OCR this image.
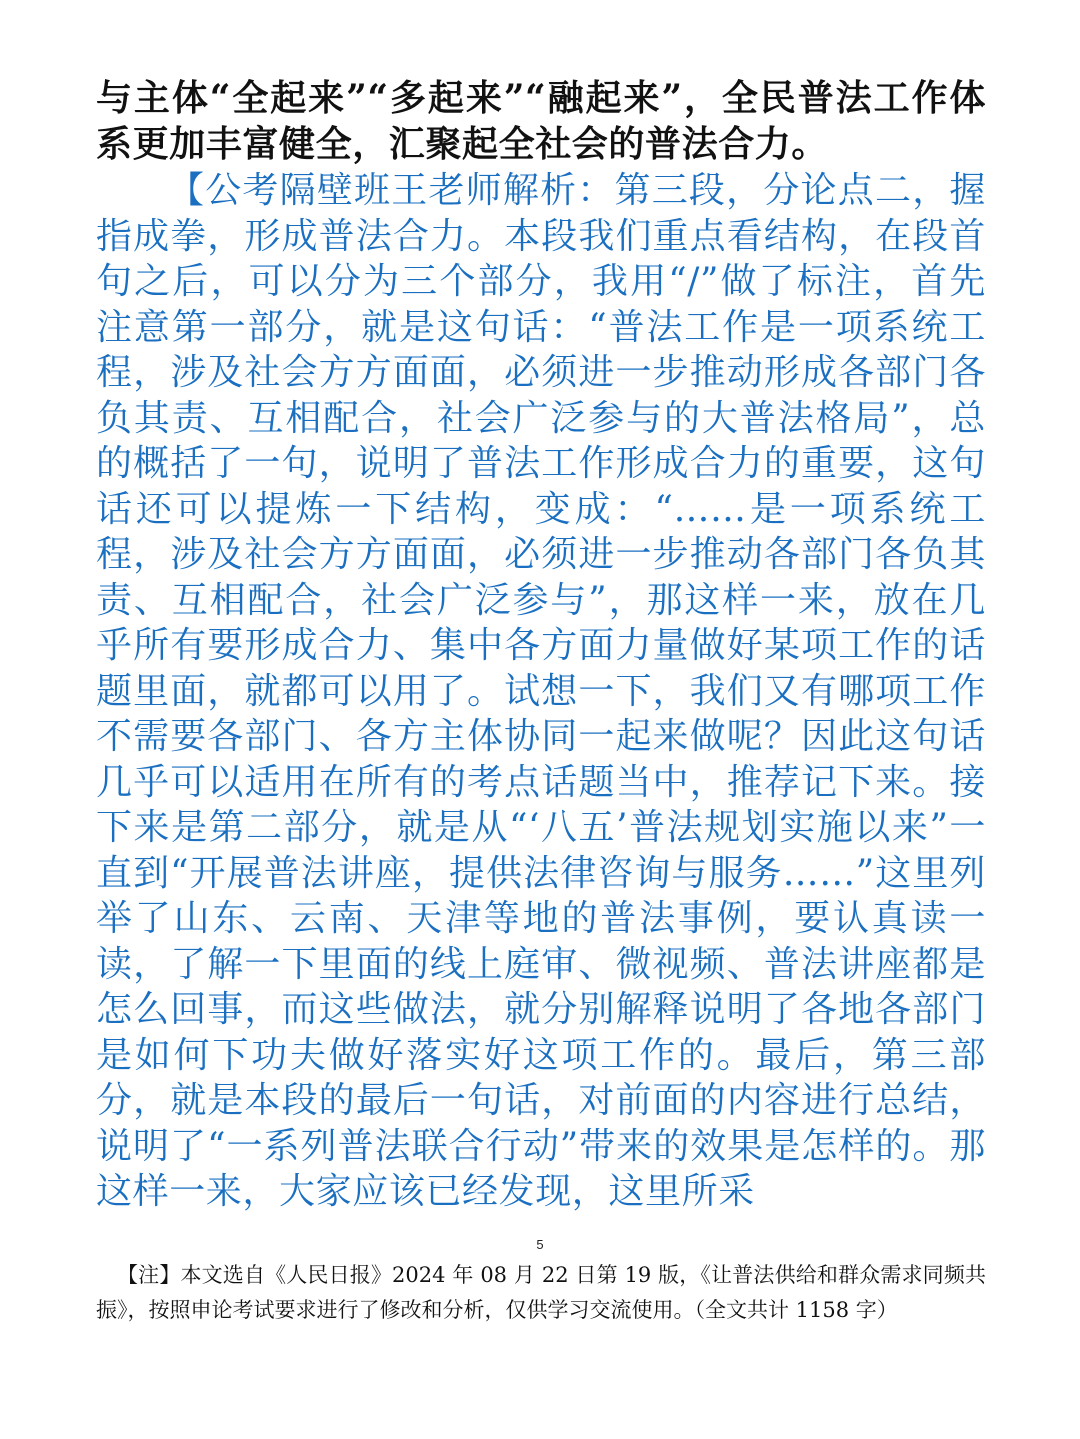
与主体“全起来”“多起来”“融起来”，全民普法工作体系更加丰富健全，汇聚起全社会的普法合力。

【公考隔壁班王老师解析：第三段，分论点二，握指成拳，形成普法合力。本段我们重点看结构，在段首句之后，可以分为三个部分，我用“/”做了标注，首先注意第一部分，就是这句话：“普法工作是一项系统工程，涉及社会方方面面，必须进一步推动形成各部门各负其责、互相配合，社会广泛参与的大普法格局”，总的概括了一句，说明了普法工作形成合力的重要，这句话还可以提炼一下结构，变成：“……是一项系统工程，涉及社会方方面面，必须进一步推动各部门各负其责、互相配合，社会广泛参与”，那这样一来，放在几乎所有要形成合力、集中各方面力量做好某项工作的话题里面，就都可以用了。试想一下，我们又有哪项工作不需要各部门、各方主体协同一起来做呢？因此这句话几乎可以适用在所有的考点话题当中，推荐记下来。接下来是第二部分，就是从“‘八五’普法规划实施以来”一直到“开展普法讲座，提供法律咨询与服务……”这里列举了山东、云南、天津等地的普法事例，要认真读一读，了解一下里面的线上庭审、微视频、普法讲座都是怎么回事，而这些做法，就分别解释说明了各地各部门是如何下功夫做好落实好这项工作的。最后，第三部分，就是本段的最后一句话，对前面的内容进行总结，说明了“一系列普法联合行动”带来的效果是怎样的。那这样一来，大家应该已经发现，这里所采

5

【注】本文选自《人民日报》2024 年 08 月 22 日第 19 版，《让普法供给和群众需求同频共振》，按照申论考试要求进行了修改和分析，仅供学习交流使用。（全文共计 1158 字）
